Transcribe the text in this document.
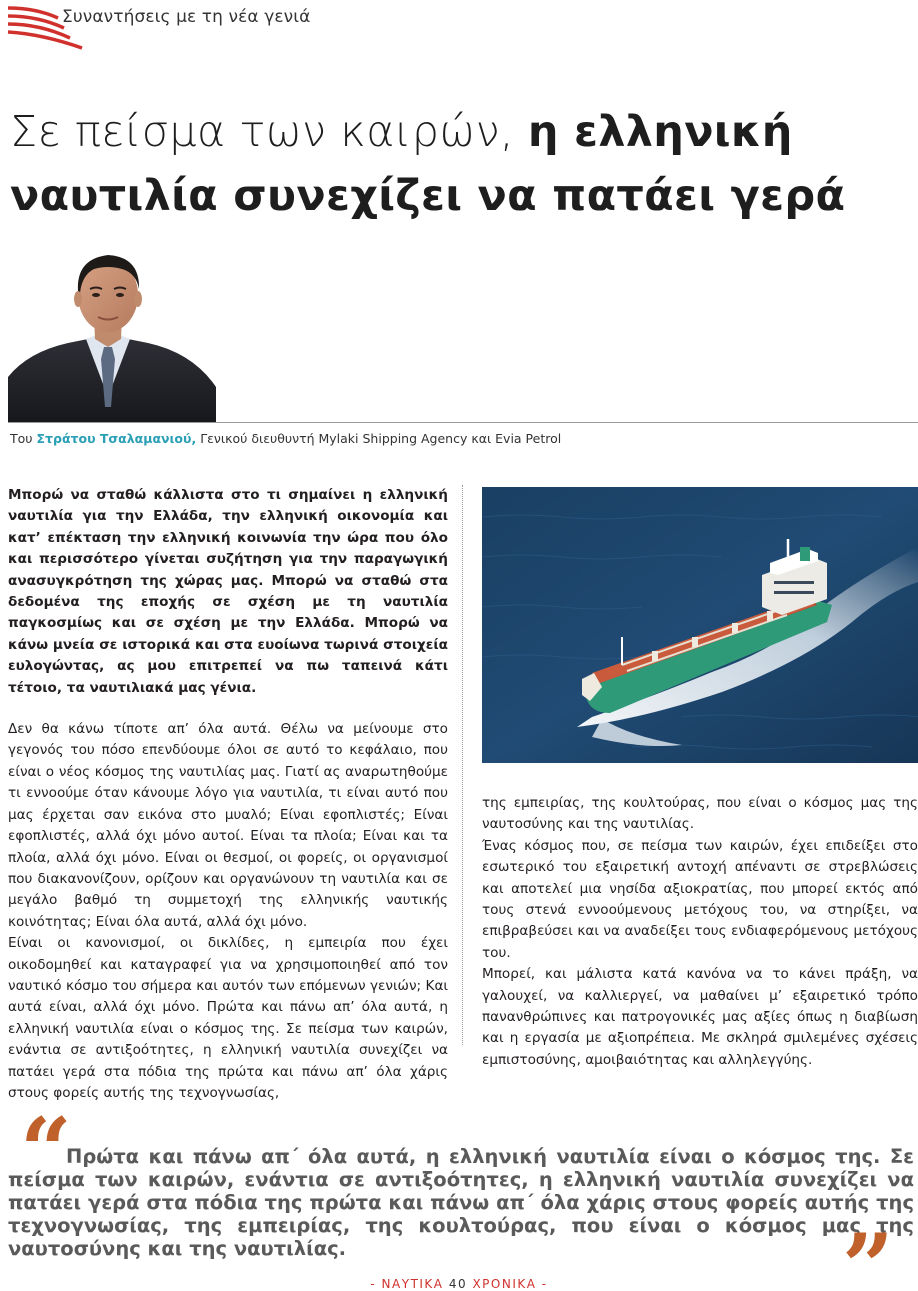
Συναντήσεις με τη νέα γενιά
Σε πείσμα των καιρών, η ελληνική
ναυτιλία συνεχίζει να πατάει γερά
Του Στράτου Τσαλαμανιού, Γενικού διευθυντή Mylaki Shipping Agency και Evia Petrol

Μπορώ να σταθώ κάλλιστα στο τι σημαίνει η ελληνική ναυτιλία για την Ελλάδα, την ελληνική οικονομία και κατ’ επέκταση την ελληνική κοινωνία την ώρα που όλο και περισσότερο γίνεται συζήτηση για την παραγωγική ανασυγκρότηση της χώρας μας. Μπορώ να σταθώ στα δεδομένα της εποχής σε σχέση με τη ναυτιλία παγκοσμίως και σε σχέση με την Ελλάδα. Μπορώ να κάνω μνεία σε ιστορικά και στα ευοίωνα τωρινά στοιχεία ευλογώντας, ας μου επιτρεπεί να πω ταπεινά κάτι τέτοιο, τα ναυτιλιακά μας γένια.

Δεν θα κάνω τίποτε απ’ όλα αυτά. Θέλω να μείνουμε στο γεγονός του πόσο επενδύουμε όλοι σε αυτό το κεφάλαιο, που είναι ο νέος κόσμος της ναυτιλίας μας. Γιατί ας αναρωτηθούμε τι εννοούμε όταν κάνουμε λόγο για ναυτιλία, τι είναι αυτό που μας έρχεται σαν εικόνα στο μυαλό; Είναι εφοπλιστές; Είναι εφοπλιστές, αλλά όχι μόνο αυτοί. Είναι τα πλοία; Είναι και τα πλοία, αλλά όχι μόνο. Είναι οι θεσμοί, οι φορείς, οι οργανισμοί που διακανονίζουν, ορίζουν και οργανώνουν τη ναυτιλία και σε μεγάλο βαθμό τη συμμετοχή της ελληνικής ναυτικής κοινότητας; Είναι όλα αυτά, αλλά όχι μόνο.

Είναι οι κανονισμοί, οι δικλίδες, η εμπειρία που έχει οικοδομηθεί και καταγραφεί για να χρησιμοποιηθεί από τον ναυτικό κόσμο του σήμερα και αυτόν των επόμενων γενιών; Και αυτά είναι, αλλά όχι μόνο. Πρώτα και πάνω απ’ όλα αυτά, η ελληνική ναυτιλία είναι ο κόσμος της. Σε πείσμα των καιρών, ενάντια σε αντιξοότητες, η ελληνική ναυτιλία συνεχίζει να πατάει γερά στα πόδια της πρώτα και πάνω απ’ όλα χάρις στους φορείς αυτής της τεχνογνωσίας,

της εμπειρίας, της κουλτούρας, που είναι ο κόσμος μας της ναυτοσύνης και της ναυτιλίας.

Ένας κόσμος που, σε πείσμα των καιρών, έχει επιδείξει στο εσωτερικό του εξαιρετική αντοχή απέναντι σε στρεβλώσεις και αποτελεί μια νησίδα αξιοκρατίας, που μπορεί εκτός από τους στενά εννοούμενους μετόχους του, να στηρίξει, να επιβραβεύσει και να αναδείξει τους ενδιαφερόμενους μετόχους του.

Μπορεί, και μάλιστα κατά κανόνα να το κάνει πράξη, να γαλουχεί, να καλλιεργεί, να μαθαίνει μ’ εξαιρετικό τρόπο πανανθρώπινες και πατρογονικές μας αξίες όπως η διαβίωση και η εργασία με αξιοπρέπεια. Με σκληρά σμιλεμένες σχέσεις εμπιστοσύνης, αμοιβαιότητας και αλληλεγγύης.

“
Πρώτα και πάνω απ΄ όλα αυτά, η ελληνική ναυτιλία είναι ο κόσμος της. Σε πείσμα των καιρών, ενάντια σε αντιξοότητες, η ελληνική ναυτιλία συνεχίζει να πατάει γερά στα πόδια της πρώτα και πάνω απ΄ όλα χάρις στους φορείς αυτής της τεχνογνωσίας, της εμπειρίας, της κουλτούρας, που είναι ο κόσμος μας της ναυτοσύνης και της ναυτιλίας.	”
- ΝΑΥΤΙΚΑ 40 ΧΡΟΝΙΚΑ -
